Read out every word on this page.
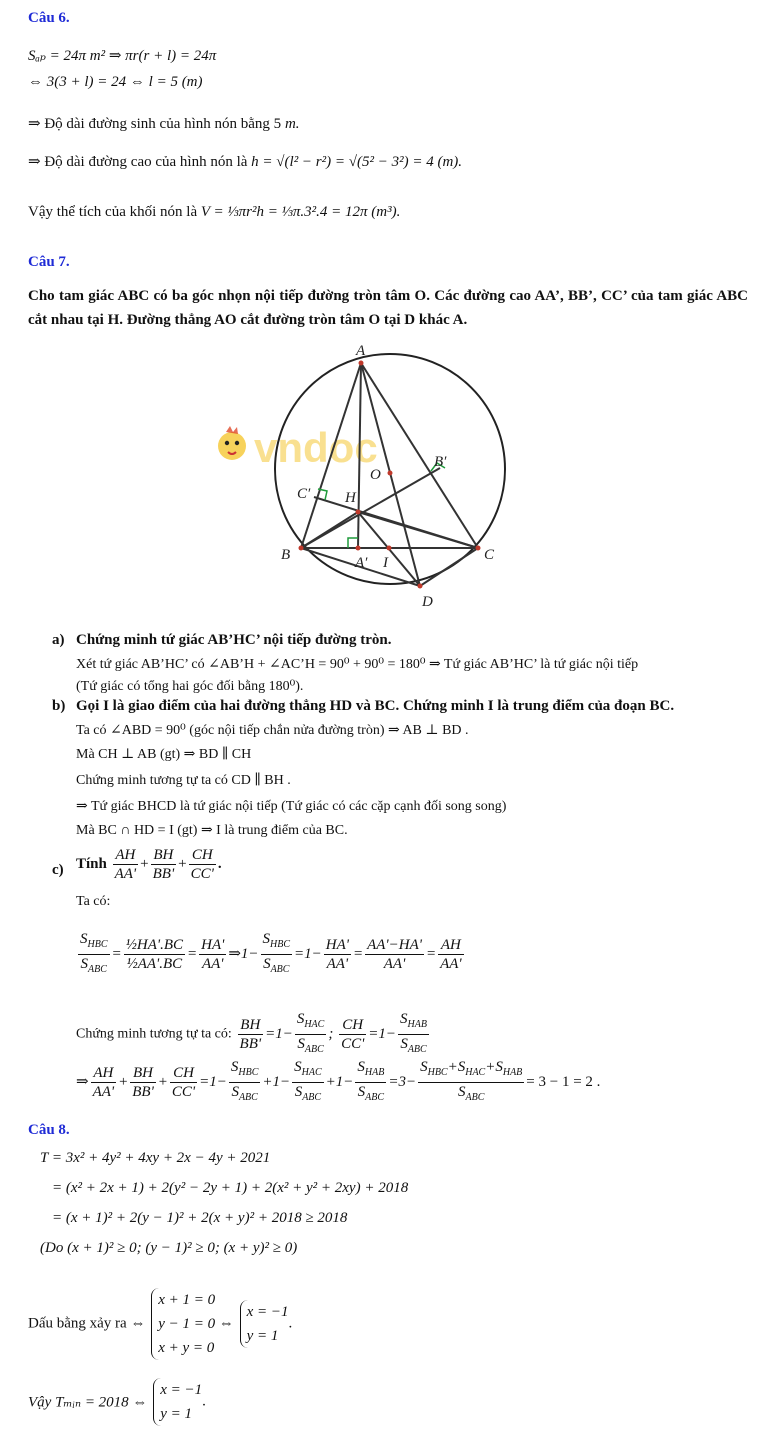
Câu 6.
Sₐₚ = 24π m² ⇒ πr(r + l) = 24π
⇔ 3(3 + l) = 24 ⇔ l = 5 (m)
⇒ Độ dài đường sinh của hình nón bằng 5 m.
⇒ Độ dài đường cao của hình nón là h = √(l² − r²) = √(5² − 3²) = 4 (m).
Vậy thể tích của khối nón là V = ⅓πr²h = ⅓π.3².4 = 12π (m³).
Câu 7.
Cho tam giác ABC có ba góc nhọn nội tiếp đường tròn tâm O. Các đường cao AA’, BB’, CC’ của tam giác ABC cắt nhau tại H. Đường thẳng AO cắt đường tròn tâm O tại D khác A.
vndoc
A
B	C
D
O
H
I
A′
B′
C′
a) Chứng minh tứ giác AB’HC’ nội tiếp đường tròn.
Xét tứ giác AB’HC’ có ∠AB’H + ∠AC’H = 90⁰ + 90⁰ = 180⁰ ⇒ Tứ giác AB’HC’ là tứ giác nội tiếp
(Tứ giác có tổng hai góc đối bằng 180⁰).
b) Gọi I là giao điểm của hai đường thẳng HD và BC. Chứng minh I là trung điểm của đoạn BC.
Ta có ∠ABD = 90⁰ (góc nội tiếp chắn nửa đường tròn) ⇒ AB ⊥ BD .
Mà CH ⊥ AB (gt) ⇒ BD ∥ CH
Chứng minh tương tự ta có CD ∥ BH .
⇒ Tứ giác BHCD là tứ giác nội tiếp (Tứ giác có các cặp cạnh đối song song)
Mà BC ∩ HD = I (gt) ⇒ I là trung điểm của BC.
c) Tính $\frac{AH}{AA'} + \frac{BH}{BB'} + \frac{CH}{CC'}$ .
Ta có:
$\frac{S_{HBC}}{S_{ABC}} = \frac{\text{½HA'.BC}}{\text{½AA'.BC}} = \frac{HA'}{AA'}$ ⇒1− $\frac{S_{HBC}}{S_{ABC}} =1- \frac{HA'}{AA'} = \frac{AA'-HA'}{AA'} = \frac{AH}{AA'}$
Chứng minh tương tự ta có: $\frac{BH}{BB'} =1- \frac{S_{HAC}}{S_{ABC}}$ ; $\frac{CH}{CC'} =1- \frac{S_{HAB}}{S_{ABC}}$
⇒ $\frac{AH}{AA'} + \frac{BH}{BB'} + \frac{CH}{CC'} =1- \frac{S_{HBC}}{S_{ABC}} +1- \frac{S_{HAC}}{S_{ABC}} +1- \frac{S_{HAB}}{S_{ABC}} =3- \frac{S_{HBC}+S_{HAC}+S_{HAB}}{S_{ABC}} = 3 - 1 = 2$ .
Câu 8.
T = 3x² + 4y² + 4xy + 2x − 4y + 2021
= (x² + 2x + 1) + 2(y² − 2y + 1) + 2(x² + y² + 2xy) + 2018
= (x + 1)² + 2(y − 1)² + 2(x + y)² + 2018 ≥ 2018
(Do (x + 1)² ≥ 0; (y − 1)² ≥ 0; (x + y)² ≥ 0)
Dấu bằng xảy ra ⇔
x + 1 = 0
y − 1 = 0
x + y = 0
⇔
x = −1
y = 1
.
Vậy Tₘᵢₙ = 2018 ⇔
x = −1
y = 1
.
